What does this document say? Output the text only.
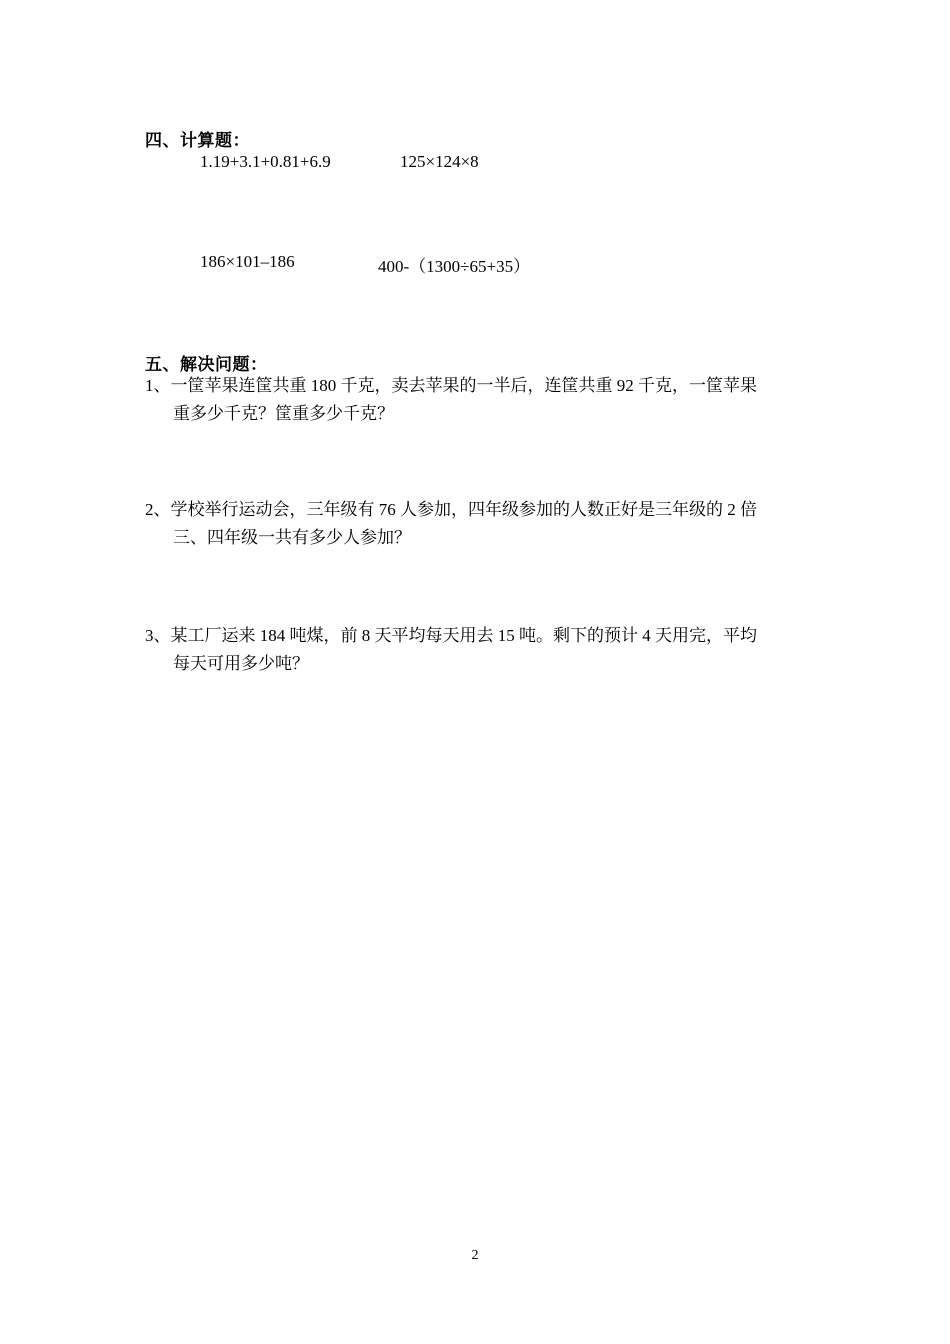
四、计算题：
1.19+3.1+0.81+6.9	125×124×8
186×101–186	400-（1300÷65+35）
五、解决问题：
1、一筐苹果连筐共重 180 千克，卖去苹果的一半后，连筐共重 92 千克，一筐苹果
重多少千克？筐重多少千克？
2、学校举行运动会，三年级有 76 人参加，四年级参加的人数正好是三年级的 2 倍
三、四年级一共有多少人参加？
3、某工厂运来 184 吨煤，前 8 天平均每天用去 15 吨。剩下的预计 4 天用完，平均
每天可用多少吨？
2
